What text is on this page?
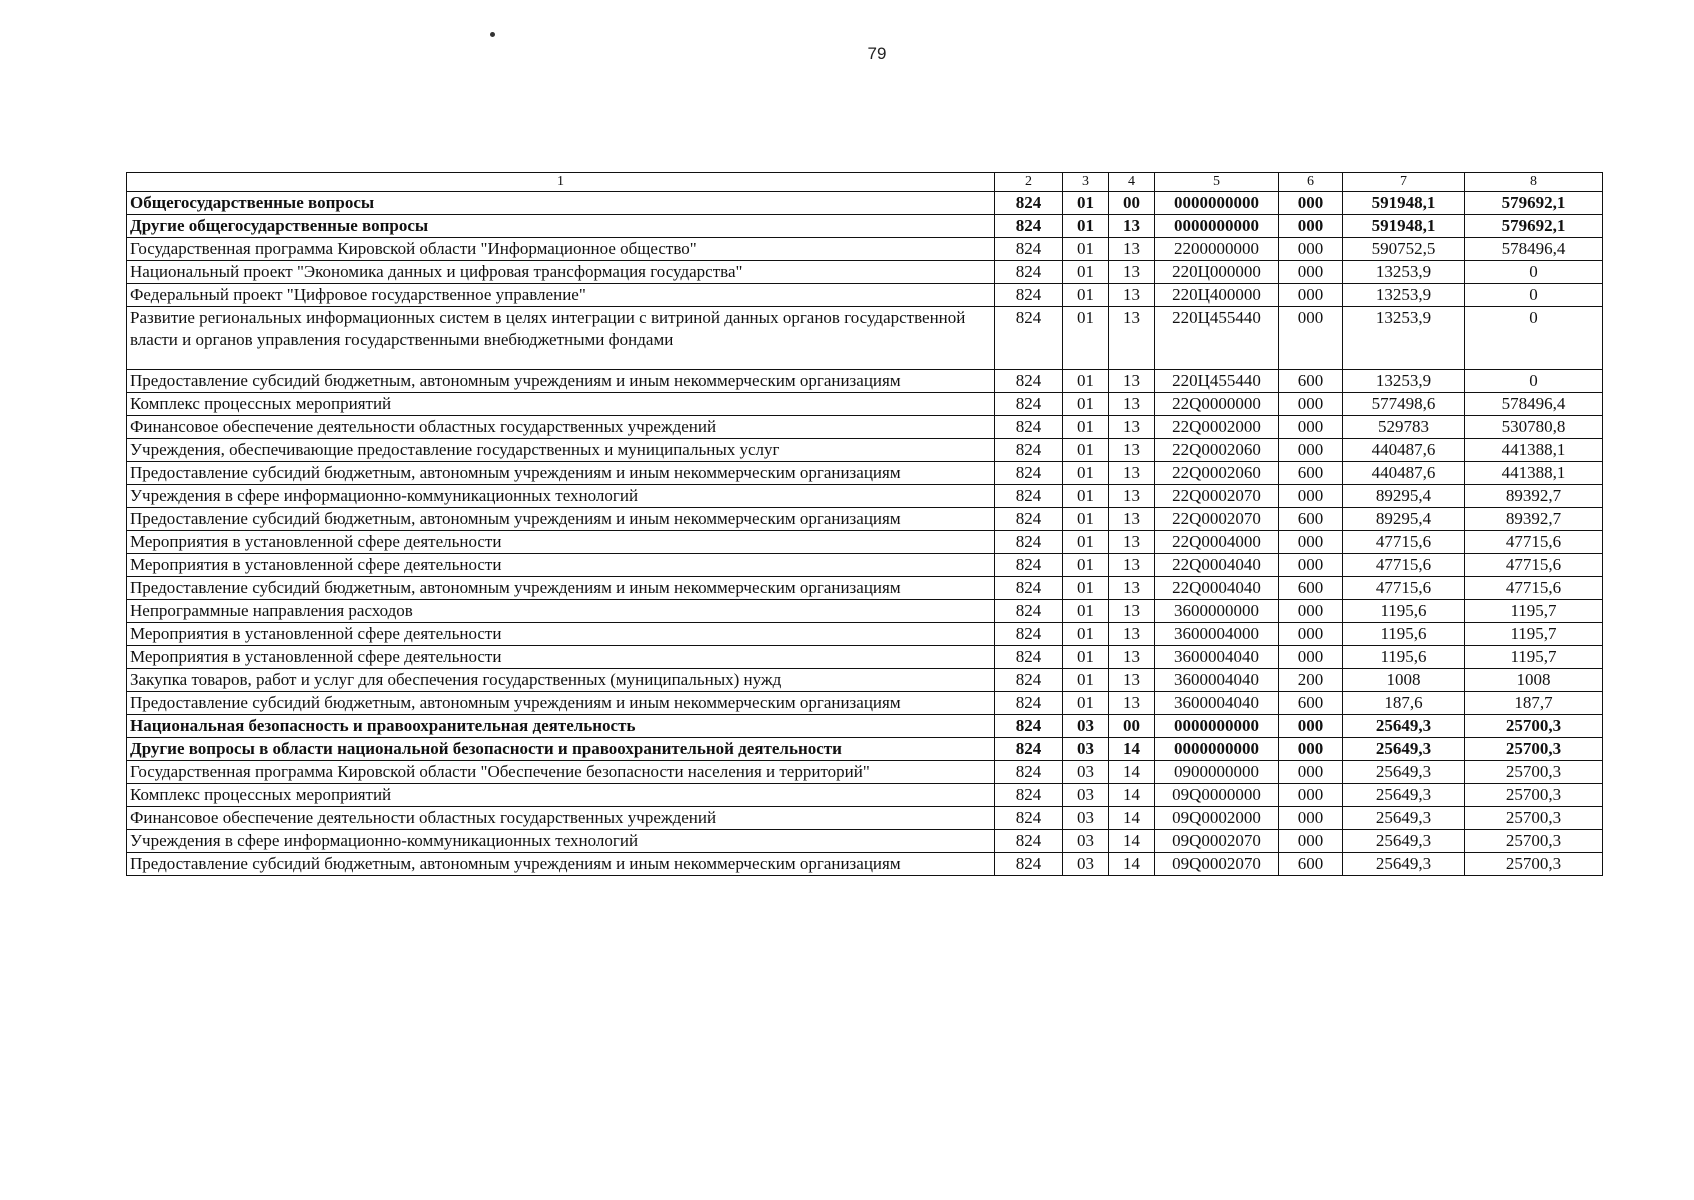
79
1	2	3	4	5	6	7	8
Общегосударственные вопросы	824	01	00	0000000000	000	591948,1	579692,1
Другие общегосударственные вопросы	824	01	13	0000000000	000	591948,1	579692,1
Государственная программа Кировской области "Информационное общество"	824	01	13	2200000000	000	590752,5	578496,4
Национальный проект "Экономика данных и цифровая трансформация государства"	824	01	13	220Ц000000	000	13253,9	0
Федеральный проект "Цифровое государственное управление"	824	01	13	220Ц400000	000	13253,9	0
Развитие региональных информационных систем в целях интеграции с витриной данных органов государственной власти и органов управления государственными внебюджетными фондами	824	01	13	220Ц455440	000	13253,9	0
Предоставление субсидий бюджетным, автономным учреждениям и иным некоммерческим организациям	824	01	13	220Ц455440	600	13253,9	0
Комплекс процессных мероприятий	824	01	13	22Q0000000	000	577498,6	578496,4
Финансовое обеспечение деятельности областных государственных учреждений	824	01	13	22Q0002000	000	529783	530780,8
Учреждения, обеспечивающие предоставление государственных и муниципальных услуг	824	01	13	22Q0002060	000	440487,6	441388,1
Предоставление субсидий бюджетным, автономным учреждениям и иным некоммерческим организациям	824	01	13	22Q0002060	600	440487,6	441388,1
Учреждения в сфере информационно-коммуникационных технологий	824	01	13	22Q0002070	000	89295,4	89392,7
Предоставление субсидий бюджетным, автономным учреждениям и иным некоммерческим организациям	824	01	13	22Q0002070	600	89295,4	89392,7
Мероприятия в установленной сфере деятельности	824	01	13	22Q0004000	000	47715,6	47715,6
Мероприятия в установленной сфере деятельности	824	01	13	22Q0004040	000	47715,6	47715,6
Предоставление субсидий бюджетным, автономным учреждениям и иным некоммерческим организациям	824	01	13	22Q0004040	600	47715,6	47715,6
Непрограммные направления расходов	824	01	13	3600000000	000	1195,6	1195,7
Мероприятия в установленной сфере деятельности	824	01	13	3600004000	000	1195,6	1195,7
Мероприятия в установленной сфере деятельности	824	01	13	3600004040	000	1195,6	1195,7
Закупка товаров, работ и услуг для обеспечения государственных (муниципальных) нужд	824	01	13	3600004040	200	1008	1008
Предоставление субсидий бюджетным, автономным учреждениям и иным некоммерческим организациям	824	01	13	3600004040	600	187,6	187,7
Национальная безопасность и правоохранительная деятельность	824	03	00	0000000000	000	25649,3	25700,3
Другие вопросы в области национальной безопасности и правоохранительной деятельности	824	03	14	0000000000	000	25649,3	25700,3
Государственная программа Кировской области "Обеспечение безопасности населения и территорий"	824	03	14	0900000000	000	25649,3	25700,3
Комплекс процессных мероприятий	824	03	14	09Q0000000	000	25649,3	25700,3
Финансовое обеспечение деятельности областных государственных учреждений	824	03	14	09Q0002000	000	25649,3	25700,3
Учреждения в сфере информационно-коммуникационных технологий	824	03	14	09Q0002070	000	25649,3	25700,3
Предоставление субсидий бюджетным, автономным учреждениям и иным некоммерческим организациям	824	03	14	09Q0002070	600	25649,3	25700,3
